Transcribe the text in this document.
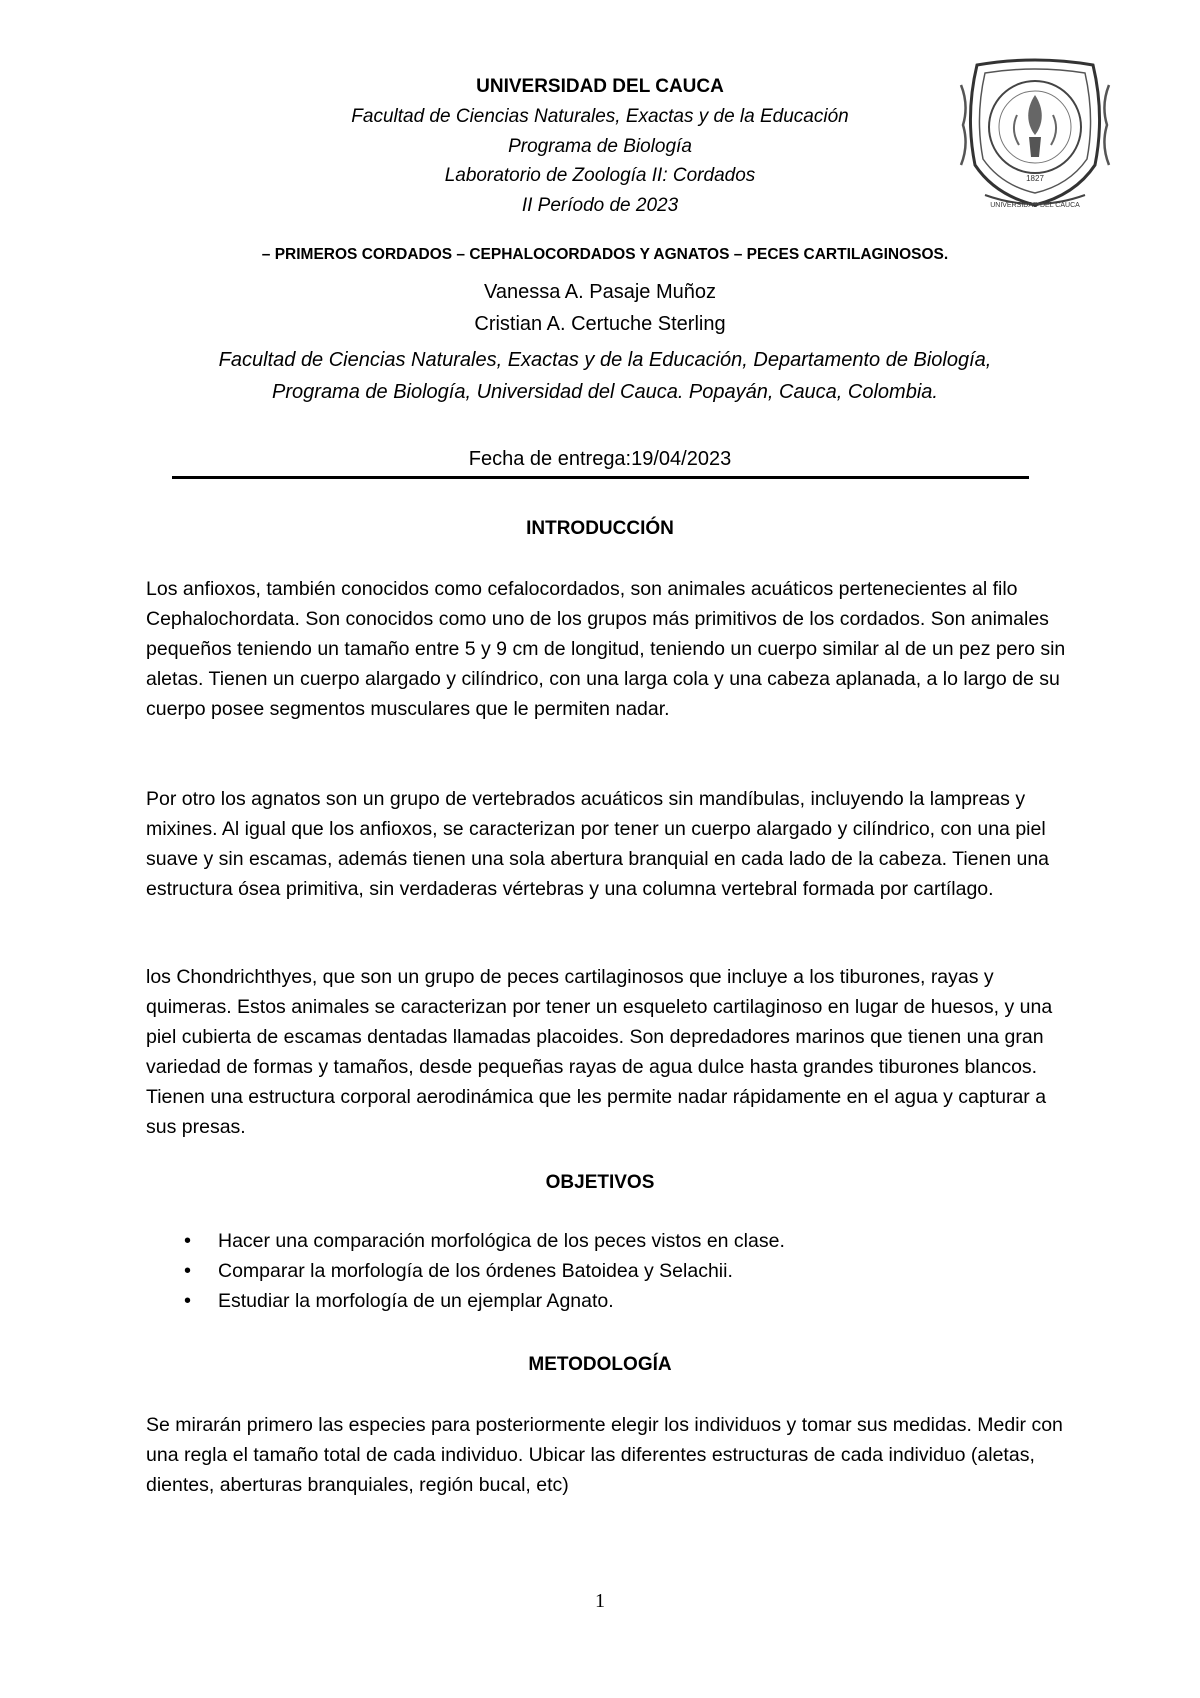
UNIVERSIDAD DEL CAUCA
Facultad de Ciencias Naturales, Exactas y de la Educación
Programa de Biología
Laboratorio de Zoología II: Cordados
II Período de 2023
1827
UNIVERSIDAD DEL CAUCA
– PRIMEROS CORDADOS – CEPHALOCORDADOS Y AGNATOS – PECES CARTILAGINOSOS.
Vanessa A. Pasaje Muñoz
Cristian A. Certuche Sterling
Facultad de Ciencias Naturales, Exactas y de la Educación, Departamento de Biología,
Programa de Biología, Universidad del Cauca. Popayán, Cauca, Colombia.
Fecha de entrega:19/04/2023
INTRODUCCIÓN

Los anfioxos, también conocidos como cefalocordados, son animales acuáticos pertenecientes al filo Cephalochordata. Son conocidos como uno de los grupos más primitivos de los cordados. Son animales pequeños teniendo un tamaño entre 5 y 9 cm de longitud, teniendo un cuerpo similar al de un pez pero sin aletas. Tienen un cuerpo alargado y cilíndrico, con una larga cola y una cabeza aplanada, a lo largo de su cuerpo posee segmentos musculares que le permiten nadar.

Por otro los agnatos son un grupo de vertebrados acuáticos sin mandíbulas, incluyendo la lampreas y mixines. Al igual que los anfioxos, se caracterizan por tener un cuerpo alargado y cilíndrico, con una piel suave y sin escamas, además tienen una sola abertura branquial en cada lado de la cabeza. Tienen una estructura ósea primitiva, sin verdaderas vértebras y una columna vertebral formada por cartílago.

los Chondrichthyes, que son un grupo de peces cartilaginosos que incluye a los tiburones, rayas y quimeras. Estos animales se caracterizan por tener un esqueleto cartilaginoso en lugar de huesos, y una piel cubierta de escamas dentadas llamadas placoides. Son depredadores marinos que tienen una gran variedad de formas y tamaños, desde pequeñas rayas de agua dulce hasta grandes tiburones blancos. Tienen una estructura corporal aerodinámica que les permite nadar rápidamente en el agua y capturar a sus presas.

OBJETIVOS
• Hacer una comparación morfológica de los peces vistos en clase.
• Comparar la morfología de los órdenes Batoidea y Selachii.
• Estudiar la morfología de un ejemplar Agnato.
METODOLOGÍA

Se mirarán primero las especies para posteriormente elegir los individuos y tomar sus medidas. Medir con una regla el tamaño total de cada individuo. Ubicar las diferentes estructuras de cada individuo (aletas, dientes, aberturas branquiales, región bucal, etc)

1
